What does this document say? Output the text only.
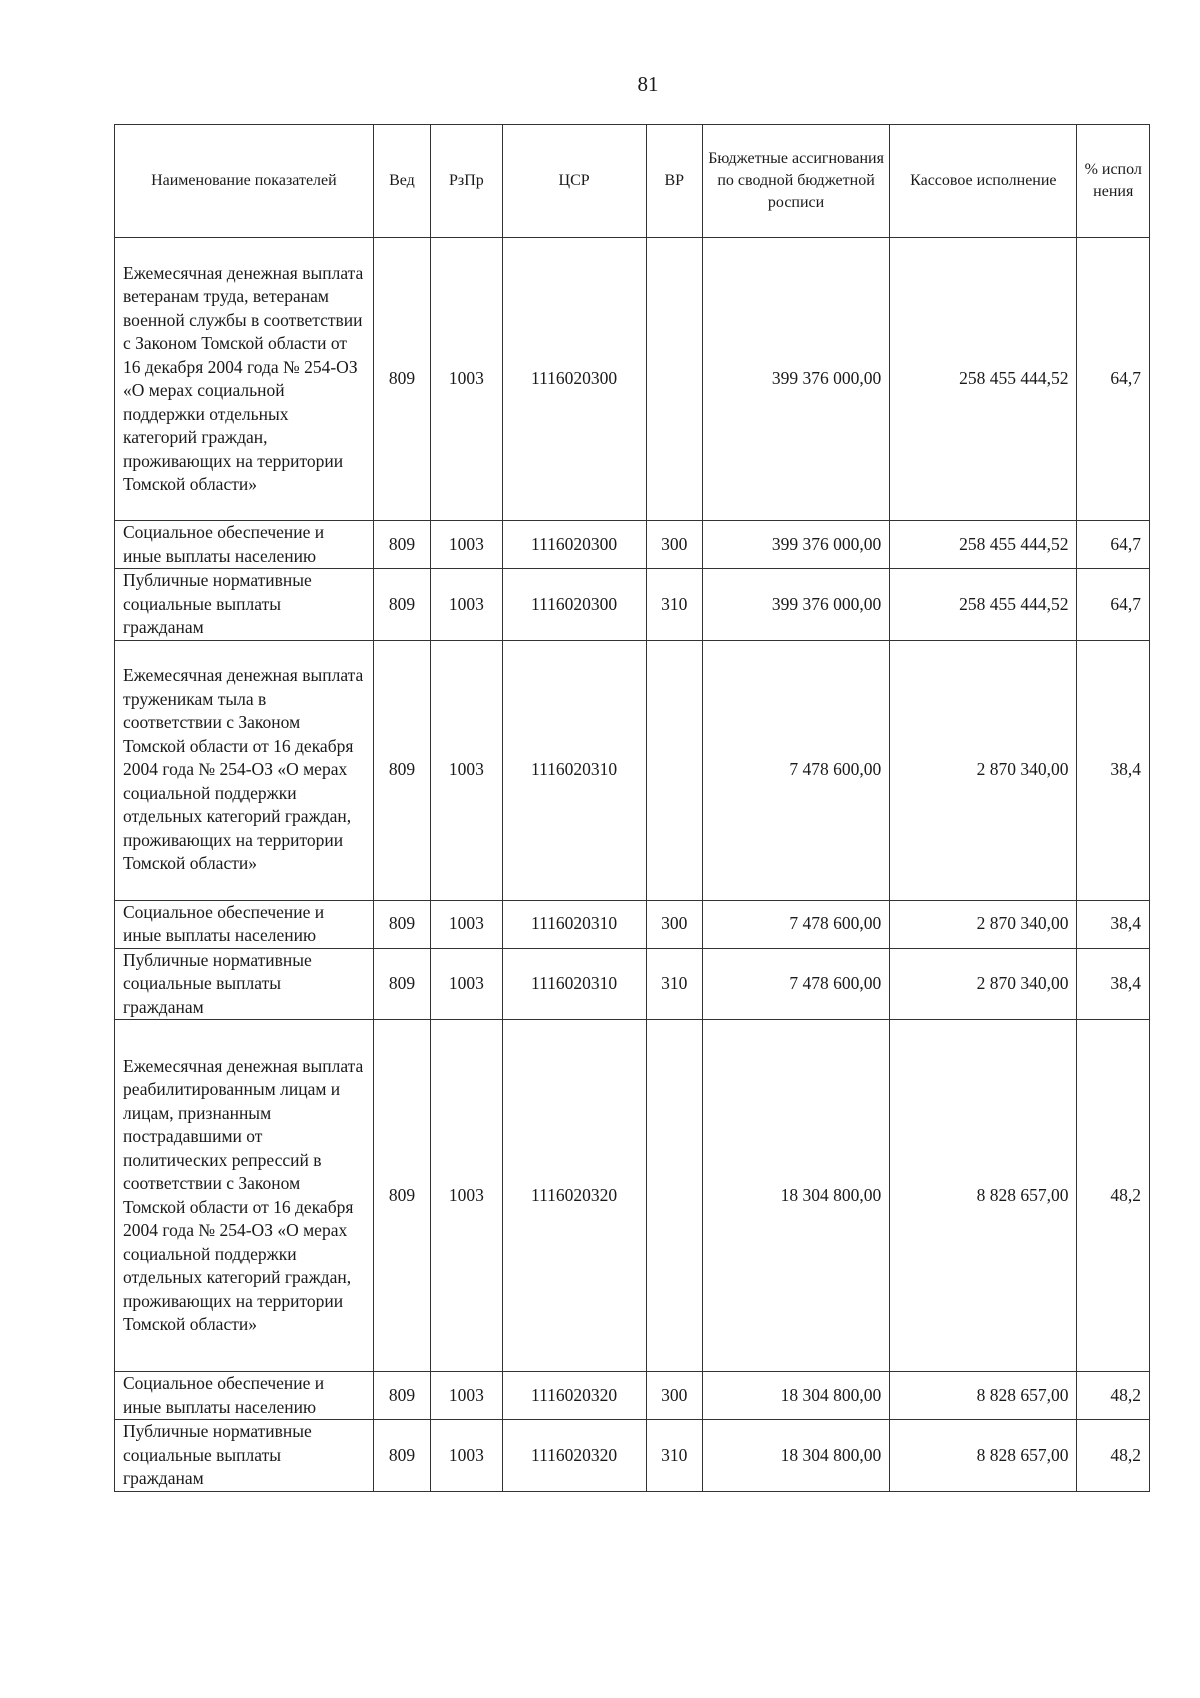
81
Наименование показателей	Вед	РзПр	ЦСР	ВР	Бюджетные ассигнования по сводной бюджетной росписи	Кассовое исполнение	% испол нения
Ежемесячная денежная выплата ветеранам труда, ветеранам военной службы в соответствии с Законом Томской области от 16 декабря 2004 года № 254-ОЗ «О мерах социальной поддержки отдельных категорий граждан, проживающих на территории Томской области»	809	1003	1116020300		399 376 000,00	258 455 444,52	64,7
Социальное обеспечение и иные выплаты населению	809	1003	1116020300	300	399 376 000,00	258 455 444,52	64,7
Публичные нормативные социальные выплаты гражданам	809	1003	1116020300	310	399 376 000,00	258 455 444,52	64,7
Ежемесячная денежная выплата труженикам тыла в соответствии с Законом Томской области от 16 декабря 2004 года № 254-ОЗ «О мерах социальной поддержки отдельных категорий граждан, проживающих на территории Томской области»	809	1003	1116020310		7 478 600,00	2 870 340,00	38,4
Социальное обеспечение и иные выплаты населению	809	1003	1116020310	300	7 478 600,00	2 870 340,00	38,4
Публичные нормативные социальные выплаты гражданам	809	1003	1116020310	310	7 478 600,00	2 870 340,00	38,4
Ежемесячная денежная выплата реабилитированным лицам и лицам, признанным пострадавшими от политических репрессий в соответствии с Законом Томской области от 16 декабря 2004 года № 254-ОЗ «О мерах социальной поддержки отдельных категорий граждан, проживающих на территории Томской области»	809	1003	1116020320		18 304 800,00	8 828 657,00	48,2
Социальное обеспечение и иные выплаты населению	809	1003	1116020320	300	18 304 800,00	8 828 657,00	48,2
Публичные нормативные социальные выплаты гражданам	809	1003	1116020320	310	18 304 800,00	8 828 657,00	48,2
